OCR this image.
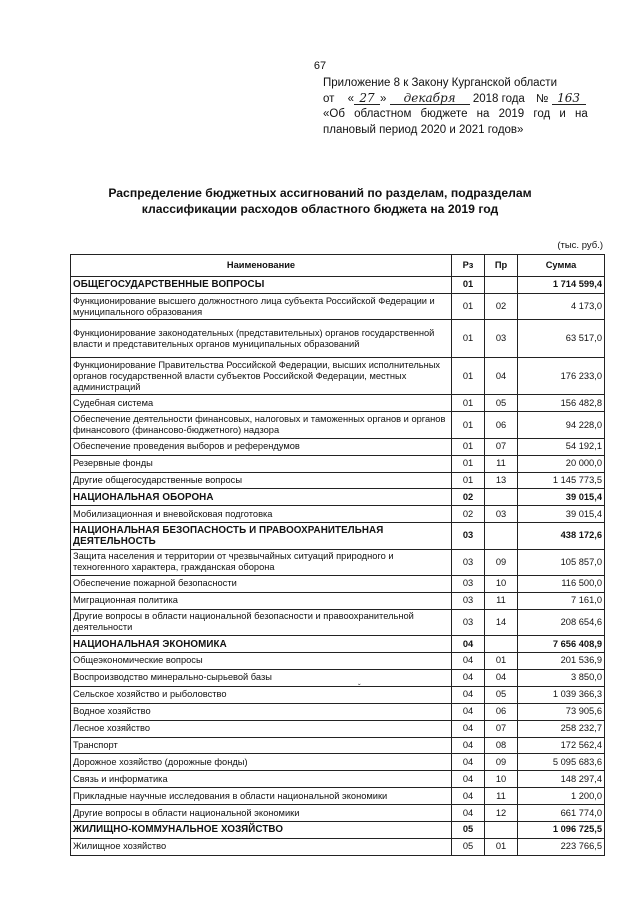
67
Приложение 8 к Закону Курганской области
от « 27 » декабря 2018 года № 163
«Об областном бюджете на 2019 год и на
плановый период 2020 и 2021 годов»
Распределение бюджетных ассигнований по разделам, подразделам
классификации расходов областного бюджета на 2019 год
(тыс. руб.)
Наименование	Рз	Пр	Сумма
ОБЩЕГОСУДАРСТВЕННЫЕ ВОПРОСЫ	01		1 714 599,4
Функционирование высшего должностного лица субъекта Российской Федерации и муниципального образования	01	02	4 173,0
Функционирование законодательных (представительных) органов государственной власти и представительных органов муниципальных образований	01	03	63 517,0
Функционирование Правительства Российской Федерации, высших исполнительных органов государственной власти субъектов Российской Федерации, местных администраций	01	04	176 233,0
Судебная система	01	05	156 482,8
Обеспечение деятельности финансовых, налоговых и таможенных органов и органов финансового (финансово-бюджетного) надзора	01	06	94 228,0
Обеспечение проведения выборов и референдумов	01	07	54 192,1
Резервные фонды	01	11	20 000,0
Другие общегосударственные вопросы	01	13	1 145 773,5
НАЦИОНАЛЬНАЯ ОБОРОНА	02		39 015,4
Мобилизационная и вневойсковая подготовка	02	03	39 015,4
НАЦИОНАЛЬНАЯ БЕЗОПАСНОСТЬ И ПРАВООХРАНИТЕЛЬНАЯ ДЕЯТЕЛЬНОСТЬ	03		438 172,6
Защита населения и территории от чрезвычайных ситуаций природного и техногенного характера, гражданская оборона	03	09	105 857,0
Обеспечение пожарной безопасности	03	10	116 500,0
Миграционная политика	03	11	7 161,0
Другие вопросы в области национальной безопасности и правоохранительной деятельности	03	14	208 654,6
НАЦИОНАЛЬНАЯ ЭКОНОМИКА	04		7 656 408,9
Общеэкономические вопросы	04	01	201 536,9
Воспроизводство минерально-сырьевой базы	04	04	3 850,0
Сельское хозяйство и рыболовство	04	05	1 039 366,3
Водное хозяйство	04	06	73 905,6
Лесное хозяйство	04	07	258 232,7
Транспорт	04	08	172 562,4
Дорожное хозяйство (дорожные фонды)	04	09	5 095 683,6
Связь и информатика	04	10	148 297,4
Прикладные научные исследования в области национальной экономики	04	11	1 200,0
Другие вопросы в области национальной экономики	04	12	661 774,0
ЖИЛИЩНО-КОММУНАЛЬНОЕ ХОЗЯЙСТВО	05		1 096 725,5
Жилищное хозяйство	05	01	223 766,5
ˇ
